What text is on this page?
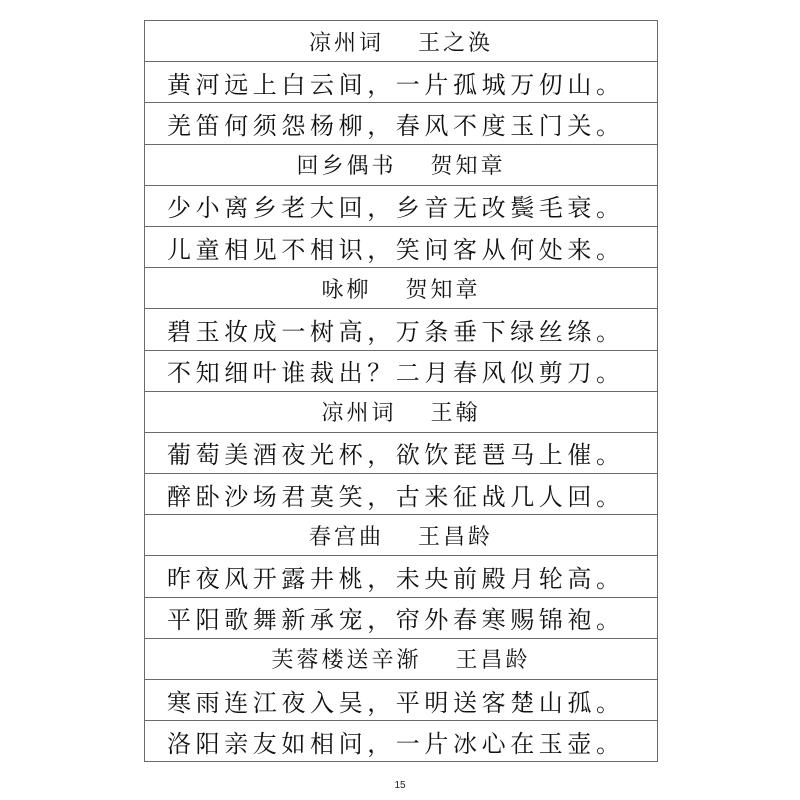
凉州词 王之涣
黄河远上白云间，一片孤城万仞山。
羌笛何须怨杨柳，春风不度玉门关。
回乡偶书 贺知章
少小离乡老大回，乡音无改鬓毛衰。
儿童相见不相识，笑问客从何处来。
咏柳 贺知章
碧玉妆成一树高，万条垂下绿丝绦。
不知细叶谁裁出？二月春风似剪刀。
凉州词 王翰
葡萄美酒夜光杯，欲饮琵琶马上催。
醉卧沙场君莫笑，古来征战几人回。
春宫曲 王昌龄
昨夜风开露井桃，未央前殿月轮高。
平阳歌舞新承宠，帘外春寒赐锦袍。
芙蓉楼送辛渐 王昌龄
寒雨连江夜入吴，平明送客楚山孤。
洛阳亲友如相问，一片冰心在玉壶。
15
